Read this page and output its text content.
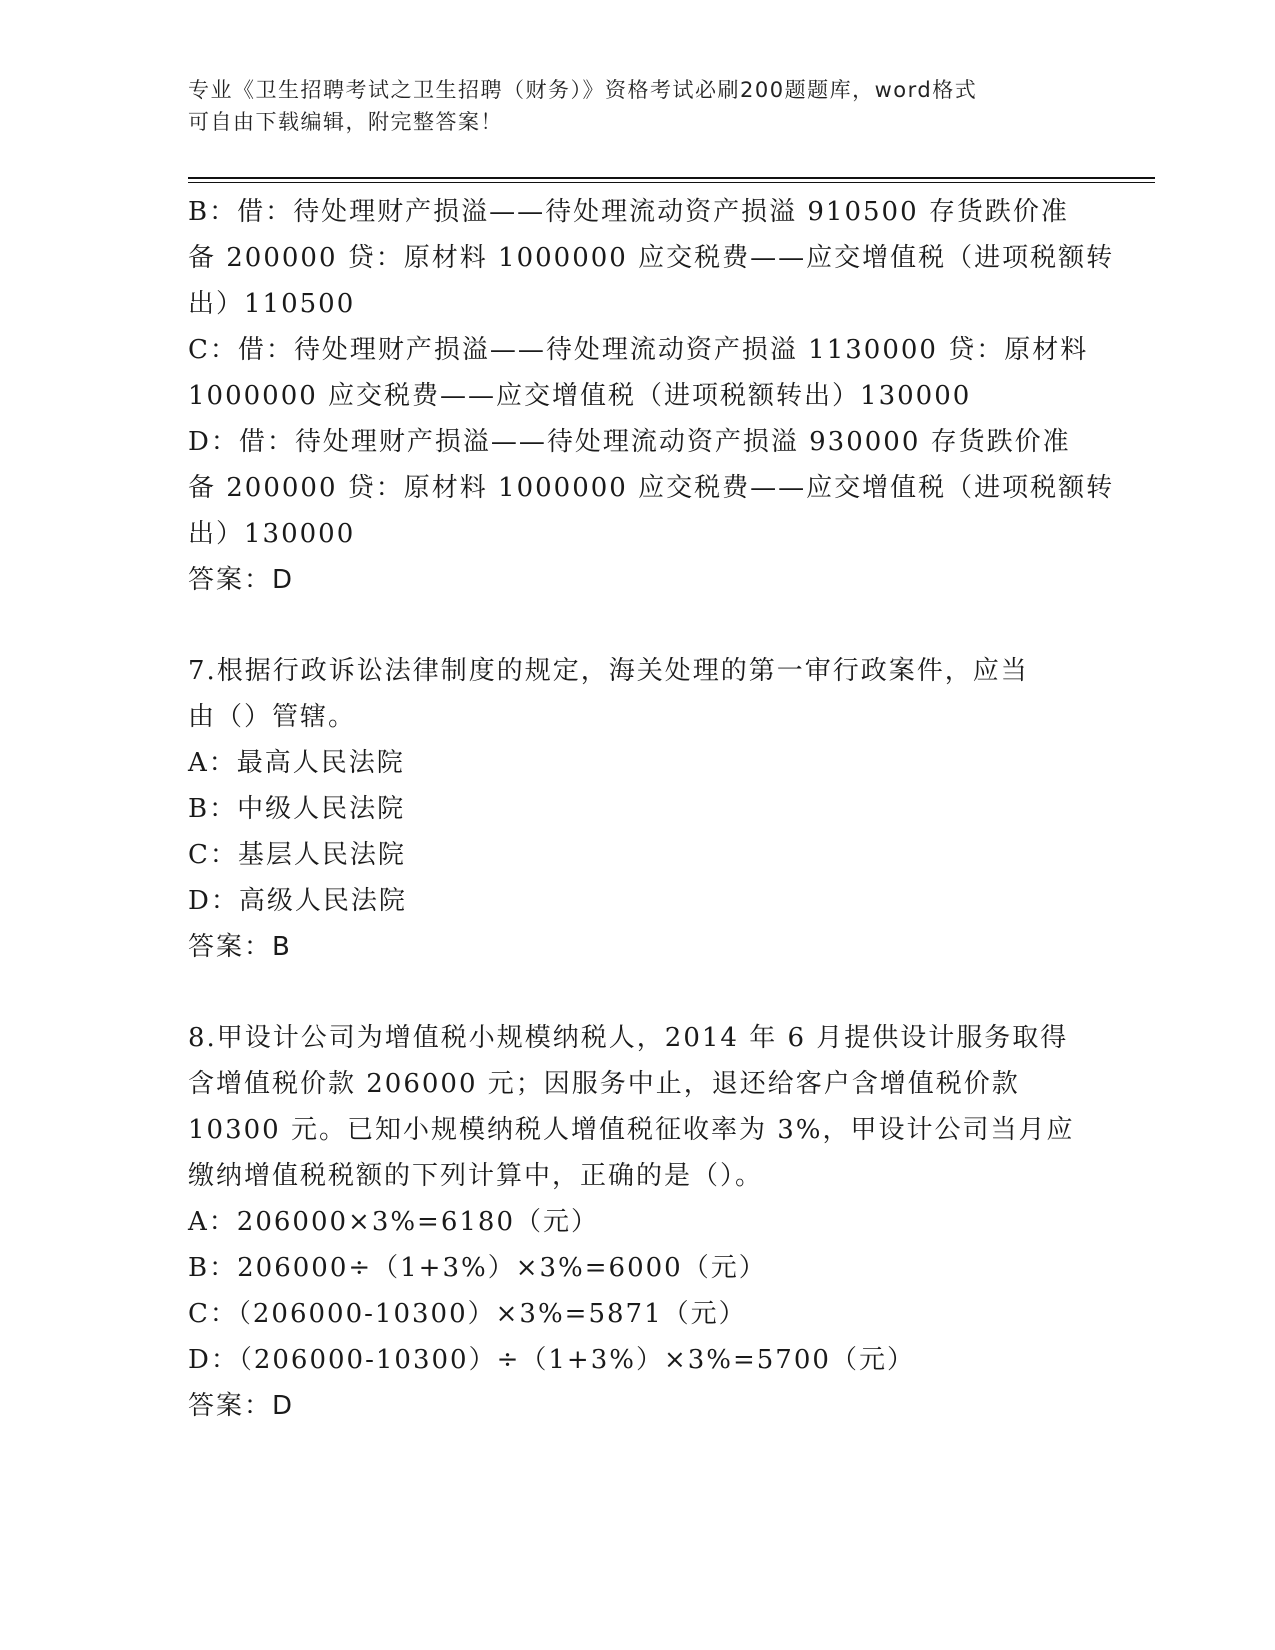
专业《卫生招聘考试之卫生招聘（财务）》资格考试必刷200题题库，word格式
可自由下载编辑，附完整答案！
B：借：待处理财产损溢——待处理流动资产损溢 910500 存货跌价准
备 200000 贷：原材料 1000000 应交税费——应交增值税（进项税额转
出）110500
C：借：待处理财产损溢——待处理流动资产损溢 1130000 贷：原材料
1000000 应交税费——应交增值税（进项税额转出）130000
D：借：待处理财产损溢——待处理流动资产损溢 930000 存货跌价准
备 200000 贷：原材料 1000000 应交税费——应交增值税（进项税额转
出）130000
答案：D
7.根据行政诉讼法律制度的规定，海关处理的第一审行政案件，应当
由（）管辖。
A：最高人民法院
B：中级人民法院
C：基层人民法院
D：高级人民法院
答案：B
8.甲设计公司为增值税小规模纳税人，2014 年 6 月提供设计服务取得
含增值税价款 206000 元；因服务中止，退还给客户含增值税价款
10300 元。已知小规模纳税人增值税征收率为 3%，甲设计公司当月应
缴纳增值税税额的下列计算中，正确的是（）。
A：206000×3%=6180（元）
B：206000÷（1+3%）×3%=6000（元）
C：（206000-10300）×3%=5871（元）
D：（206000-10300）÷（1+3%）×3%=5700（元）
答案：D
